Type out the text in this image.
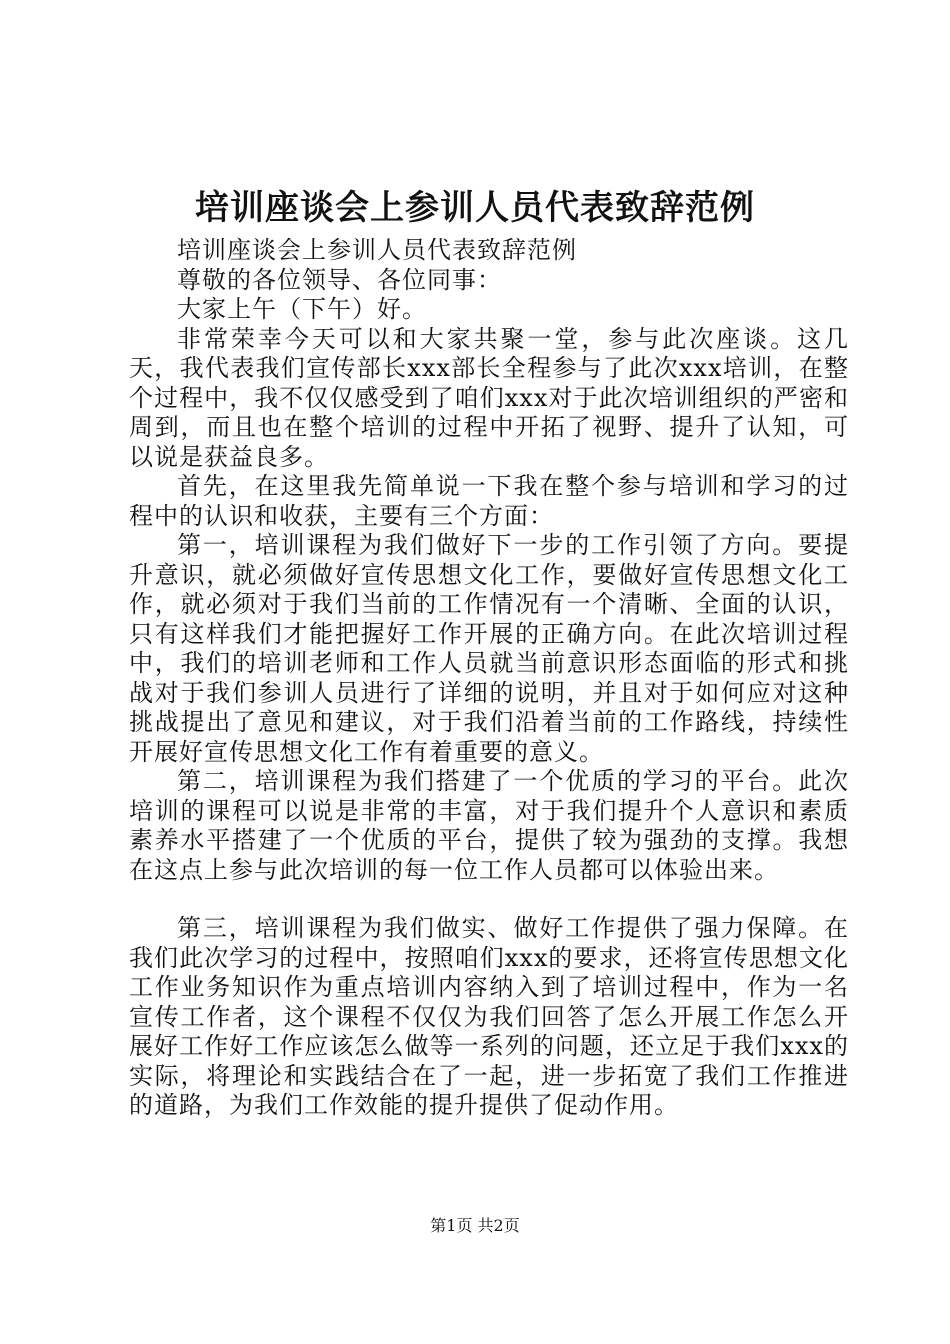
培训座谈会上参训人员代表致辞范例

培训座谈会上参训人员代表致辞范例

尊敬的各位领导、各位同事：

大家上午（下午）好。

非常荣幸今天可以和大家共聚一堂，参与此次座谈。这几天，我代表我们宣传部长xxx部长全程参与了此次xxx培训，在整个过程中，我不仅仅感受到了咱们xxx对于此次培训组织的严密和周到，而且也在整个培训的过程中开拓了视野、提升了认知，可以说是获益良多。

首先，在这里我先简单说一下我在整个参与培训和学习的过程中的认识和收获，主要有三个方面：

第一，培训课程为我们做好下一步的工作引领了方向。要提升意识，就必须做好宣传思想文化工作，要做好宣传思想文化工作，就必须对于我们当前的工作情况有一个清晰、全面的认识，只有这样我们才能把握好工作开展的正确方向。在此次培训过程中，我们的培训老师和工作人员就当前意识形态面临的形式和挑战对于我们参训人员进行了详细的说明，并且对于如何应对这种挑战提出了意见和建议，对于我们沿着当前的工作路线，持续性开展好宣传思想文化工作有着重要的意义。

第二，培训课程为我们搭建了一个优质的学习的平台。此次培训的课程可以说是非常的丰富，对于我们提升个人意识和素质素养水平搭建了一个优质的平台，提供了较为强劲的支撑。我想在这点上参与此次培训的每一位工作人员都可以体验出来。

第三，培训课程为我们做实、做好工作提供了强力保障。在我们此次学习的过程中，按照咱们xxx的要求，还将宣传思想文化工作业务知识作为重点培训内容纳入到了培训过程中，作为一名宣传工作者，这个课程不仅仅为我们回答了怎么开展工作怎么开展好工作好工作应该怎么做等一系列的问题，还立足于我们xxx的实际，将理论和实践结合在了一起，进一步拓宽了我们工作推进的道路，为我们工作效能的提升提供了促动作用。

第1页 共2页
